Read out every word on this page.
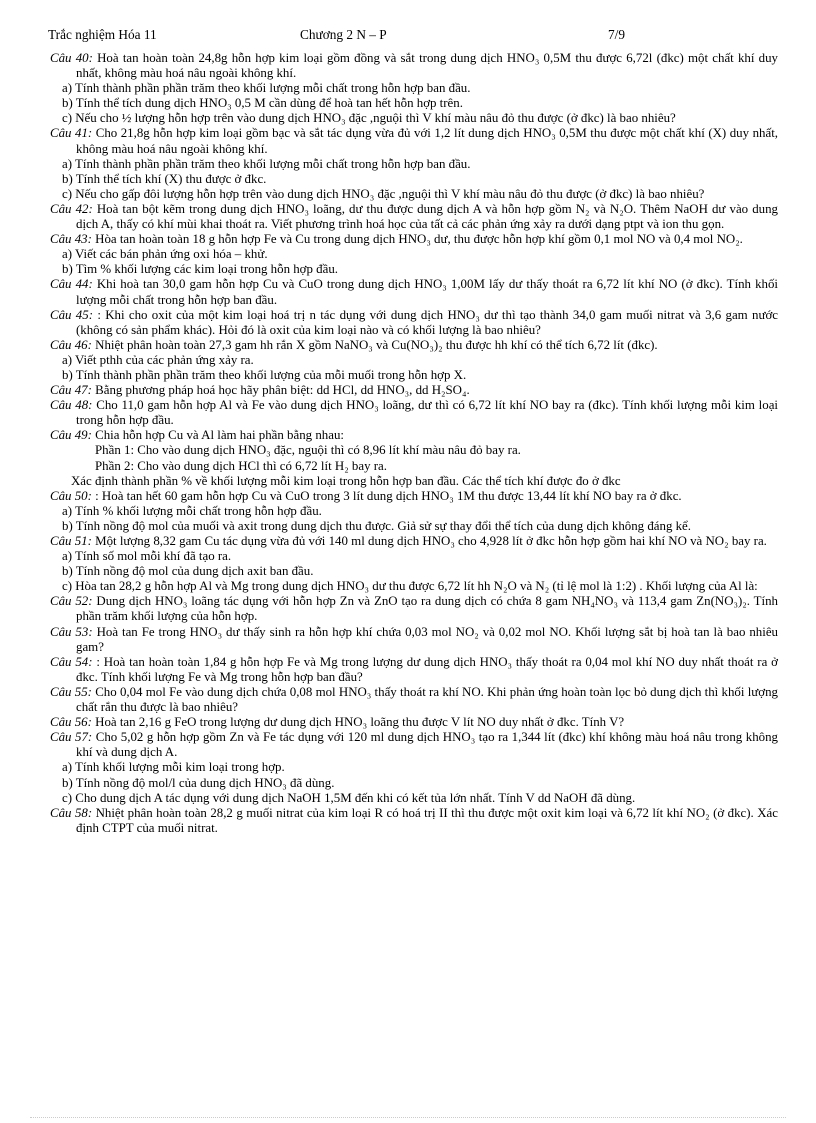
Trắc nghiệm Hóa 11	Chương 2 N – P	7/9

Câu 40: Hoà tan hoàn toàn 24,8g hỗn hợp kim loại gồm đồng và sắt trong dung dịch HNO₃ 0,5M thu được 6,72l (đkc) một chất khí duy nhất, không màu hoá nâu ngoài không khí.

a) Tính thành phần phần trăm theo khối lượng mỗi chất trong hỗn hợp ban đầu.

b) Tính thể tích dung dịch HNO₃ 0,5 M cần dùng để hoà tan hết hỗn hợp trên.

c) Nếu cho ½ lượng hỗn hợp trên vào dung dịch HNO₃ đặc ,nguội thì V khí màu nâu đỏ thu được (ở đkc) là bao nhiêu?

Câu 41: Cho 21,8g hỗn hợp kim loại gồm bạc và sắt tác dụng vừa đủ với 1,2 lít dung dịch HNO₃ 0,5M thu được một chất khí (X) duy nhất, không màu hoá nâu ngoài không khí.

a) Tính thành phần phần trăm theo khối lượng mỗi chất trong hỗn hợp ban đầu.

b) Tính thể tích khí (X) thu được ở đkc.

c) Nếu cho gấp đôi lượng hỗn hợp trên vào dung dịch HNO₃ đặc ,nguội thì V khí màu nâu đỏ thu được (ở đkc) là bao nhiêu?

Câu 42: Hoà tan bột kẽm trong dung dịch HNO₃ loãng, dư thu được dung dịch A và hỗn hợp gồm N₂ và N₂O. Thêm NaOH dư vào dung dịch A, thấy có khí mùi khai thoát ra. Viết phương trình hoá học của tất cả các phản ứng xảy ra dưới dạng ptpt và ion thu gọn.

Câu 43: Hòa tan hoàn toàn 18 g hỗn hợp Fe và Cu trong dung dịch HNO₃ dư, thu được hỗn hợp khí gồm 0,1 mol NO và 0,4 mol NO₂.

a) Viết các bán phản ứng oxi hóa – khử.

b) Tìm % khối lượng các kim loại trong hỗn hợp đầu.

Câu 44: Khi hoà tan 30,0 gam hỗn hợp Cu và CuO trong dung dịch HNO₃ 1,00M lấy dư thấy thoát ra 6,72 lít khí NO (ở đkc). Tính khối lượng mỗi chất trong hỗn hợp ban đầu.

Câu 45: : Khi cho oxit của một kim loại hoá trị n tác dụng với dung dịch HNO₃ dư thì tạo thành 34,0 gam muối nitrat và 3,6 gam nước (không có sản phẩm khác). Hỏi đó là oxit của kim loại nào và có khối lượng là bao nhiêu?

Câu 46: Nhiệt phân hoàn toàn 27,3 gam hh rắn X gồm NaNO₃ và Cu(NO₃)₂ thu được hh khí có thể tích 6,72 lít (đkc).

a) Viết pthh của các phản ứng xảy ra.

b) Tính thành phần phần trăm theo khối lượng của mỗi muối trong hỗn hợp X.

Câu 47: Bằng phương pháp hoá học hãy phân biệt: dd HCl, dd HNO₃, dd H₂SO₄.

Câu 48: Cho 11,0 gam hỗn hợp Al và Fe vào dung dịch HNO₃ loãng, dư thì có 6,72 lít khí NO bay ra (đkc). Tính khối lượng mỗi kim loại trong hỗn hợp đầu.

Câu 49: Chia hỗn hợp Cu và Al làm hai phần bằng nhau:

Phần 1: Cho vào dung dịch HNO₃ đặc, nguội thì có 8,96 lít khí màu nâu đỏ bay ra.

Phần 2: Cho vào dung dịch HCl thì có 6,72 lít H₂ bay ra.

Xác định thành phần % về khối lượng mỗi kim loại trong hỗn hợp ban đầu. Các thể tích khí được đo ở đkc

Câu 50: : Hoà tan hết 60 gam hỗn hợp Cu và CuO trong 3 lít dung dịch HNO₃ 1M thu được 13,44 lít khí NO bay ra ở đkc.

a) Tính % khối lượng mỗi chất trong hỗn hợp đầu.

b) Tính nồng độ mol của muối và axit trong dung dịch thu được. Giả sử sự thay đổi thể tích của dung dịch không đáng kể.

Câu 51: Một lượng 8,32 gam Cu tác dụng vừa đủ với 140 ml dung dịch HNO₃ cho 4,928 lít ở đkc hỗn hợp gồm hai khí NO và NO₂ bay ra.

a) Tính số mol mỗi khí đã tạo ra.

b) Tính nồng độ mol của dung dịch axit ban đầu.

c) Hòa tan 28,2 g hỗn hợp Al và Mg trong dung dịch HNO₃ dư thu được 6,72 lít hh N₂O và N₂ (tỉ lệ mol là 1:2) . Khối lượng của Al là:

Câu 52: Dung dịch HNO₃ loãng tác dụng với hỗn hợp Zn và ZnO tạo ra dung dịch có chứa 8 gam NH₄NO₃ và 113,4 gam Zn(NO₃)₂. Tính phần trăm khối lượng của hỗn hợp.

Câu 53: Hoà tan Fe trong HNO₃ dư thấy sinh ra hỗn hợp khí chứa 0,03 mol NO₂ và 0,02 mol NO. Khối lượng sắt bị hoà tan là bao nhiêu gam?

Câu 54: : Hoà tan hoàn toàn 1,84 g hỗn hợp Fe và Mg trong lượng dư dung dịch HNO₃ thấy thoát ra 0,04 mol khí NO duy nhất thoát ra ở đkc. Tính khối lượng Fe và Mg trong hỗn hợp ban đầu?

Câu 55: Cho 0,04 mol Fe vào dung dịch chứa 0,08 mol HNO₃ thấy thoát ra khí NO. Khi phản ứng hoàn toàn lọc bỏ dung dịch thì khối lượng chất rắn thu được là bao nhiêu?

Câu 56: Hoà tan 2,16 g FeO trong lượng dư dung dịch HNO₃ loãng thu được V lít NO duy nhất ở đkc. Tính V?

Câu 57: Cho 5,02 g hỗn hợp gồm Zn và Fe tác dụng với 120 ml dung dịch HNO₃ tạo ra 1,344 lít (đkc) khí không màu hoá nâu trong không khí và dung dịch A.

a) Tính khối lượng mỗi kim loại trong hợp.

b) Tính nồng độ mol/l của dung dịch HNO₃ đã dùng.

c) Cho dung dịch A tác dụng với dung dịch NaOH 1,5M đến khi có kết tủa lớn nhất. Tính V dd NaOH đã dùng.

Câu 58: Nhiệt phân hoàn toàn 28,2 g muối nitrat của kim loại R có hoá trị II thì thu được một oxit kim loại và 6,72 lít khí NO₂ (ở đkc). Xác định CTPT của muối nitrat.
